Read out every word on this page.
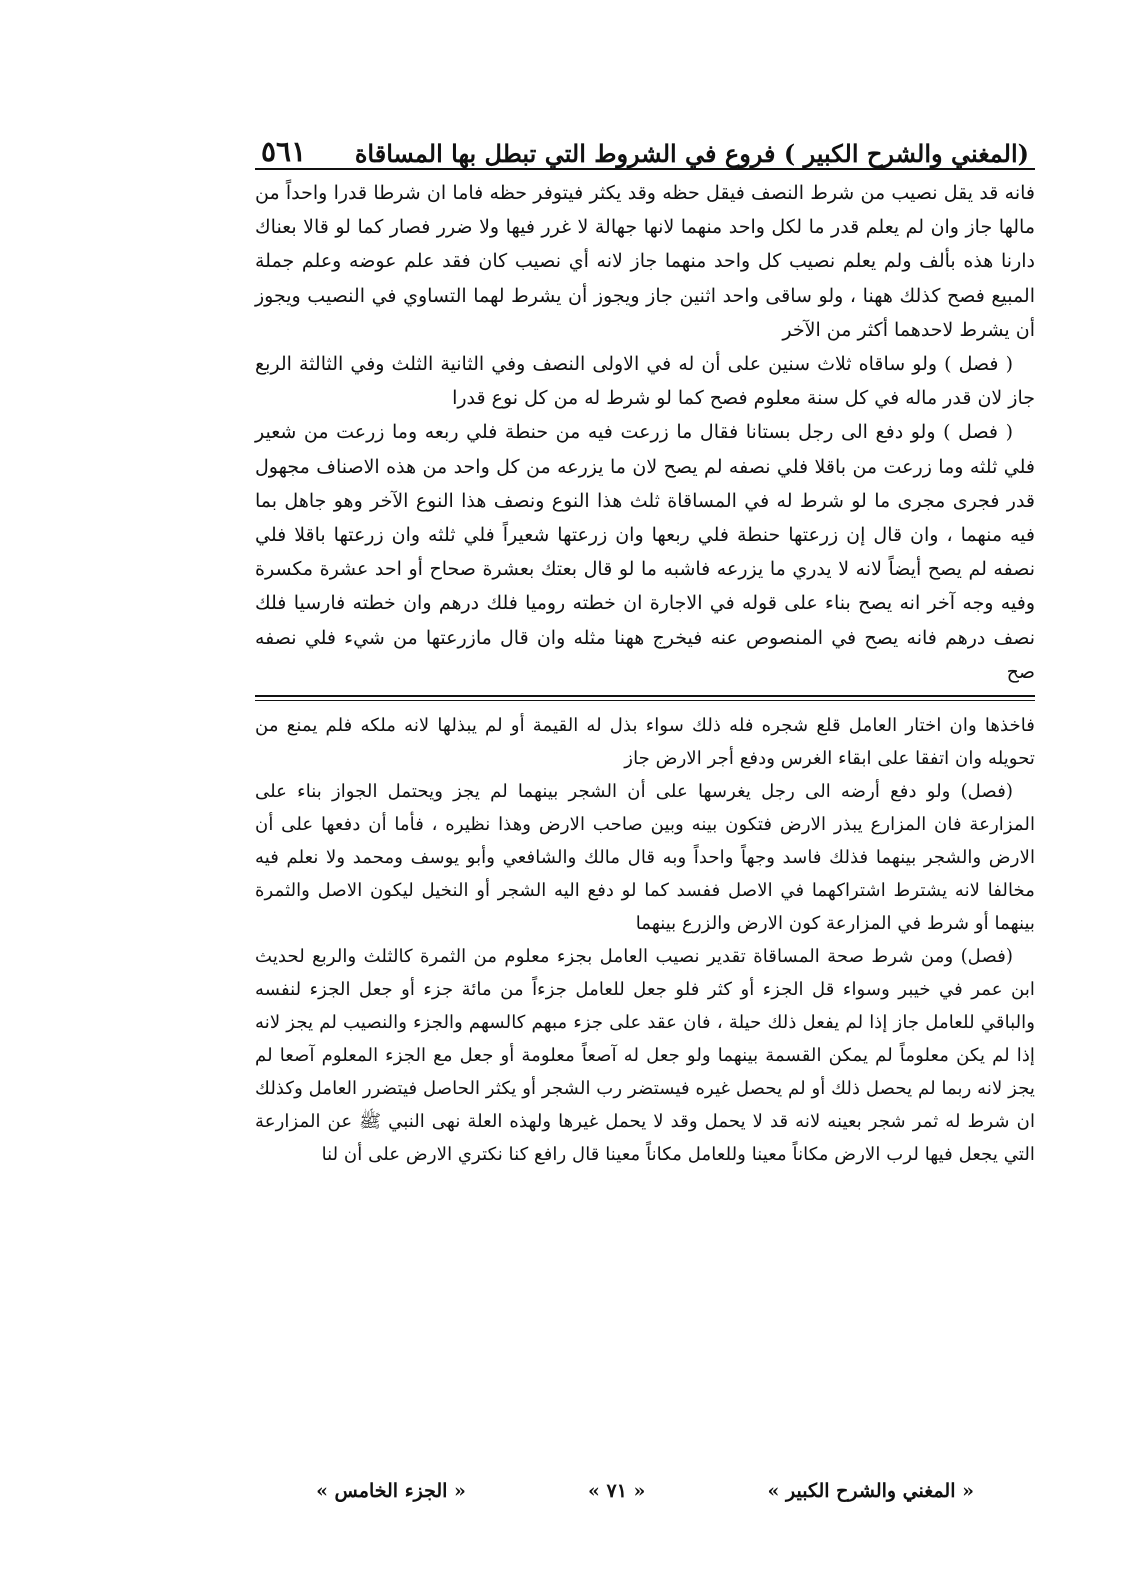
(المغني والشرح الكبير ) فروع في الشروط التي تبطل بها المساقاة
٥٦١

فانه قد يقل نصيب من شرط النصف فيقل حظه وقد يكثر فيتوفر حظه فاما ان شرطا قدرا واحداً من مالها جاز وان لم يعلم قدر ما لكل واحد منهما لانها جهالة لا غرر فيها ولا ضرر فصار كما لو قالا بعناك دارنا هذه بألف ولم يعلم نصيب كل واحد منهما جاز لانه أي نصيب كان فقد علم عوضه وعلم جملة المبيع فصح كذلك ههنا ، ولو ساقى واحد اثنين جاز ويجوز أن يشرط لهما التساوي في النصيب ويجوز أن يشرط لاحدهما أكثر من الآخر

( فصل ) ولو ساقاه ثلاث سنين على أن له في الاولى النصف وفي الثانية الثلث وفي الثالثة الربع جاز لان قدر ماله في كل سنة معلوم فصح كما لو شرط له من كل نوع قدرا

( فصل ) ولو دفع الى رجل بستانا فقال ما زرعت فيه من حنطة فلي ربعه وما زرعت من شعير فلي ثلثه وما زرعت من باقلا فلي نصفه لم يصح لان ما يزرعه من كل واحد من هذه الاصناف مجهول قدر فجرى مجرى ما لو شرط له في المساقاة ثلث هذا النوع ونصف هذا النوع الآخر وهو جاهل بما فيه منهما ، وان قال إن زرعتها حنطة فلي ربعها وان زرعتها شعيراً فلي ثلثه وان زرعتها باقلا فلي نصفه لم يصح أيضاً لانه لا يدري ما يزرعه فاشبه ما لو قال بعتك بعشرة صحاح أو احد عشرة مكسرة وفيه وجه آخر انه يصح بناء على قوله في الاجارة ان خطته روميا فلك درهم وان خطته فارسيا فلك نصف درهم فانه يصح في المنصوص عنه فيخرج ههنا مثله وان قال مازرعتها من شيء فلي نصفه صح

فاخذها وان اختار العامل قلع شجره فله ذلك سواء بذل له القيمة أو لم يبذلها لانه ملكه فلم يمنع من تحويله وان اتفقا على ابقاء الغرس ودفع أجر الارض جاز

(فصل) ولو دفع أرضه الى رجل يغرسها على أن الشجر بينهما لم يجز ويحتمل الجواز بناء على المزارعة فان المزارع يبذر الارض فتكون بينه وبين صاحب الارض وهذا نظيره ، فأما أن دفعها على أن الارض والشجر بينهما فذلك فاسد وجهاً واحداً وبه قال مالك والشافعي وأبو يوسف ومحمد ولا نعلم فيه مخالفا لانه يشترط اشتراكهما في الاصل ففسد كما لو دفع اليه الشجر أو النخيل ليكون الاصل والثمرة بينهما أو شرط في المزارعة كون الارض والزرع بينهما

(فصل) ومن شرط صحة المساقاة تقدير نصيب العامل بجزء معلوم من الثمرة كالثلث والربع لحديث ابن عمر في خيبر وسواء قل الجزء أو كثر فلو جعل للعامل جزءاً من مائة جزء أو جعل الجزء لنفسه والباقي للعامل جاز إذا لم يفعل ذلك حيلة ، فان عقد على جزء مبهم كالسهم والجزء والنصيب لم يجز لانه إذا لم يكن معلوماً لم يمكن القسمة بينهما ولو جعل له آصعاً معلومة أو جعل مع الجزء المعلوم آصعا لم يجز لانه ربما لم يحصل ذلك أو لم يحصل غيره فيستضر رب الشجر أو يكثر الحاصل فيتضرر العامل وكذلك ان شرط له ثمر شجر بعينه لانه قد لا يحمل وقد لا يحمل غيرها ولهذه العلة نهى النبي ﷺ عن المزارعة التي يجعل فيها لرب الارض مكاناً معينا وللعامل مكاناً معينا قال رافع كنا نكتري الارض على أن لنا

« المغني والشرح الكبير »
« ٧١ »
« الجزء الخامس »
